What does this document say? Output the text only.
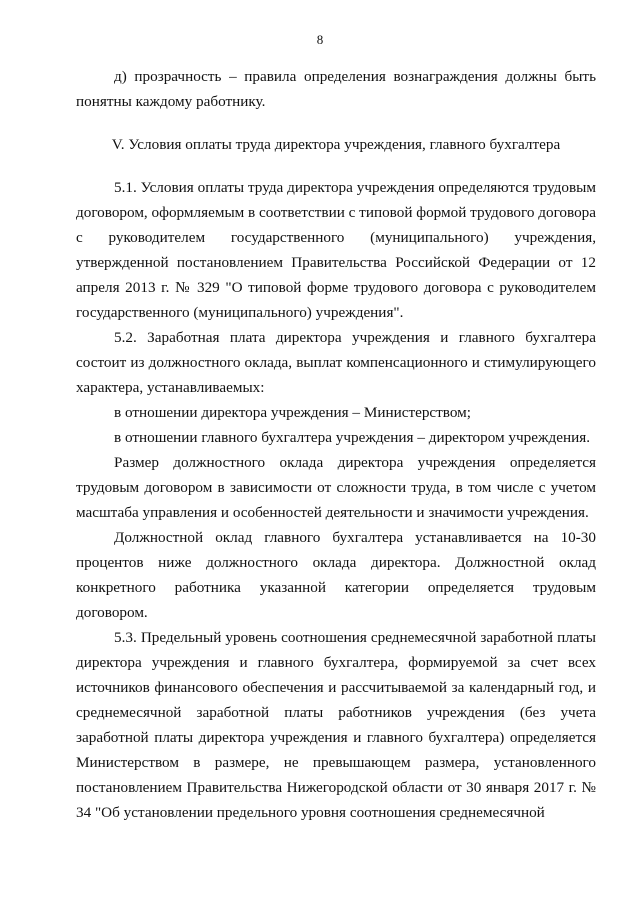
8

д) прозрачность – правила определения вознаграждения должны быть понятны каждому работнику.

V. Условия оплаты труда директора учреждения, главного бухгалтера

5.1. Условия оплаты труда директора учреждения определяются трудовым договором, оформляемым в соответствии с типовой формой трудового договора с руководителем государственного (муниципального) учреждения, утвержденной постановлением Правительства Российской Федерации от 12 апреля 2013 г. № 329 "О типовой форме трудового договора с руководителем государственного (муниципального) учреждения".

5.2. Заработная плата директора учреждения и главного бухгалтера состоит из должностного оклада, выплат компенсационного и стимулирующего характера, устанавливаемых:

в отношении директора учреждения – Министерством;

в отношении главного бухгалтера учреждения – директором учреждения.

Размер должностного оклада директора учреждения определяется трудовым договором в зависимости от сложности труда, в том числе с учетом масштаба управления и особенностей деятельности и значимости учреждения.

Должностной оклад главного бухгалтера устанавливается на 10-30 процентов ниже должностного оклада директора. Должностной оклад конкретного работника указанной категории определяется трудовым договором.

5.3. Предельный уровень соотношения среднемесячной заработной платы директора учреждения и главного бухгалтера, формируемой за счет всех источников финансового обеспечения и рассчитываемой за календарный год, и среднемесячной заработной платы работников учреждения (без учета заработной платы директора учреждения и главного бухгалтера) определяется Министерством в размере, не превышающем размера, установленного постановлением Правительства Нижегородской области от 30 января 2017 г. № 34 "Об установлении предельного уровня соотношения среднемесячной
